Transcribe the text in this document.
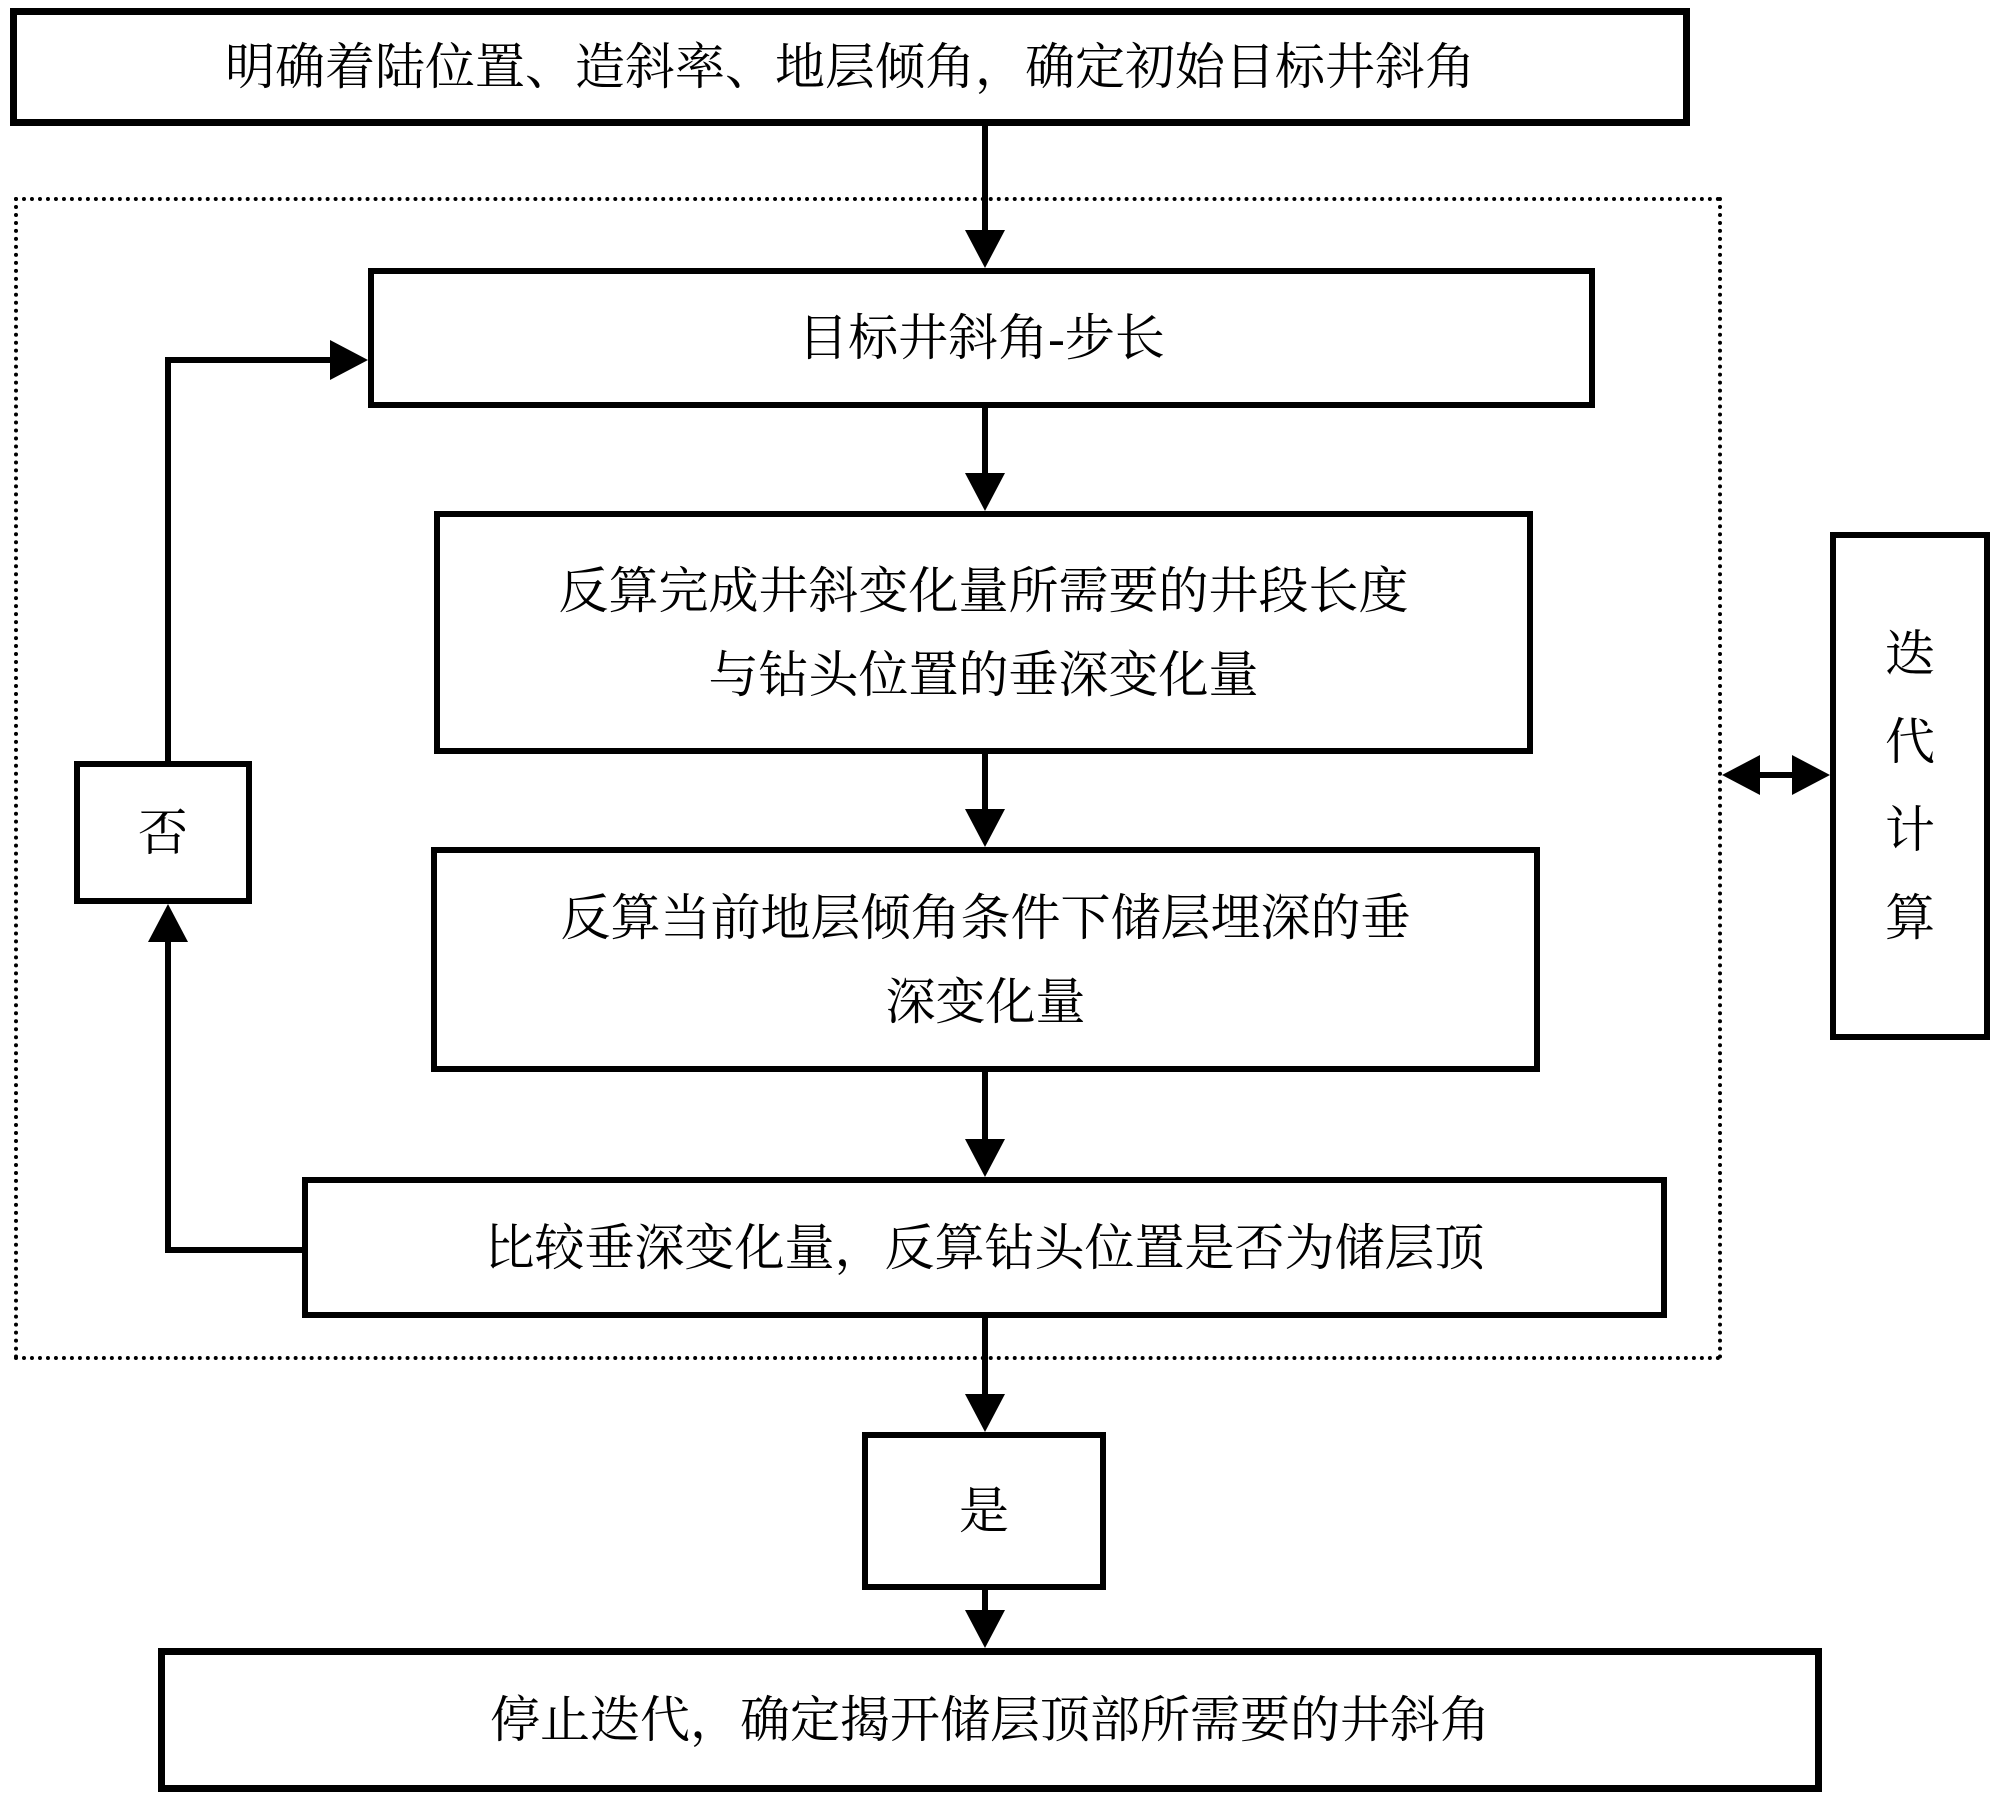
明确着陆位置、造斜率、地层倾角，确定初始目标井斜角
目标井斜角-步长
反算完成井斜变化量所需要的井段长度
与钻头位置的垂深变化量
反算当前地层倾角条件下储层埋深的垂
深变化量
比较垂深变化量，反算钻头位置是否为储层顶
否
迭代计算
是
停止迭代，确定揭开储层顶部所需要的井斜角
